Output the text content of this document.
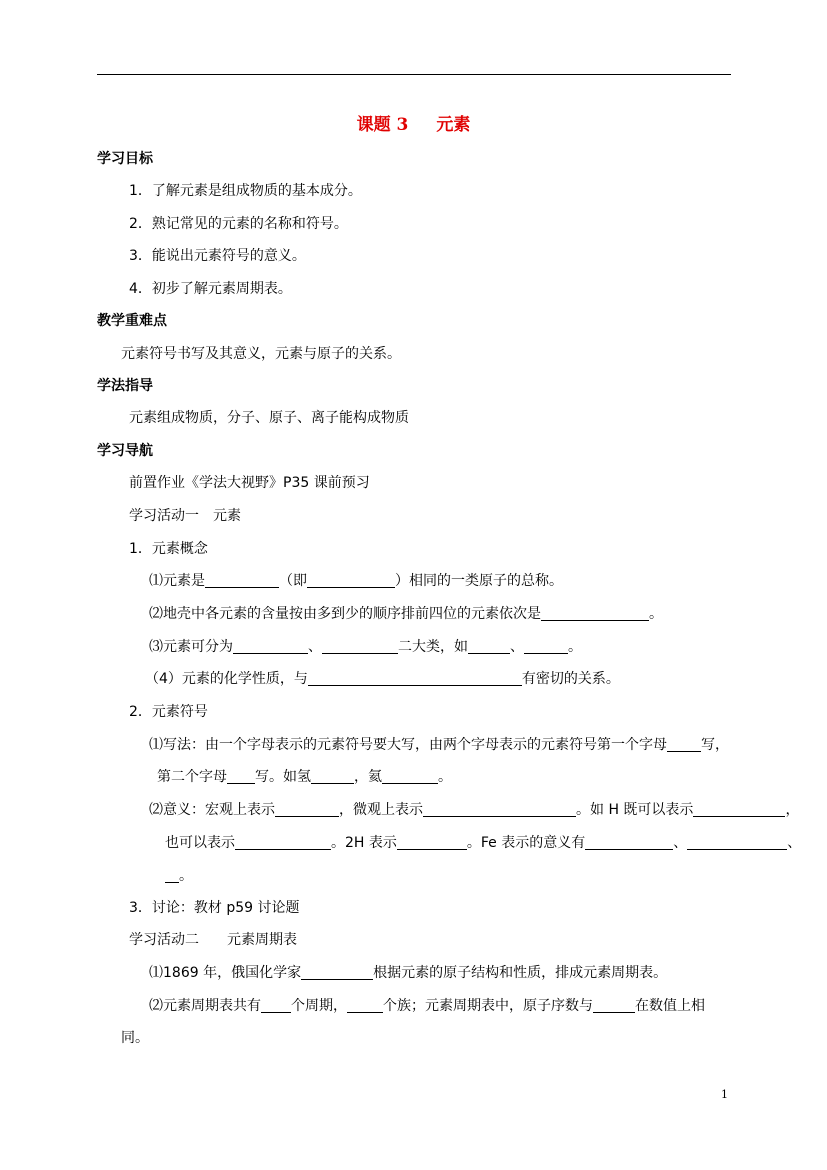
课题 3 元素
学习目标
1．了解元素是组成物质的基本成分。
2．熟记常见的元素的名称和符号。
3．能说出元素符号的意义。
4．初步了解元素周期表。
教学重难点
元素符号书写及其意义，元素与原子的关系。
学法指导
元素组成物质，分子、原子、离子能构成物质
学习导航
前置作业《学法大视野》P35 课前预习
学习活动一　元素
1．元素概念
⑴元素是	（即	）相同的一类原子的总称。
⑵地壳中各元素的含量按由多到少的顺序排前四位的元素依次是	。
⑶元素可分为	、	二大类，如	、	。
（4）元素的化学性质，与	有密切的关系。
2．元素符号
⑴写法：由一个字母表示的元素符号要大写，由两个字母表示的元素符号第一个字母 写，
第二个字母 写。如氢	，氦	。
⑵意义：宏观上表示	，微观上表示	。如 H 既可以表示	，
也可以表示	。2H 表示	。Fe 表示的意义有	、	、
。
3．讨论：教材 p59 讨论题
学习活动二　　元素周期表
⑴1869 年，俄国化学家	根据元素的原子结构和性质，排成元素周期表。
⑵元素周期表共有 个周期，	个族；元素周期表中，原子序数与	在数值上相
同。
1
